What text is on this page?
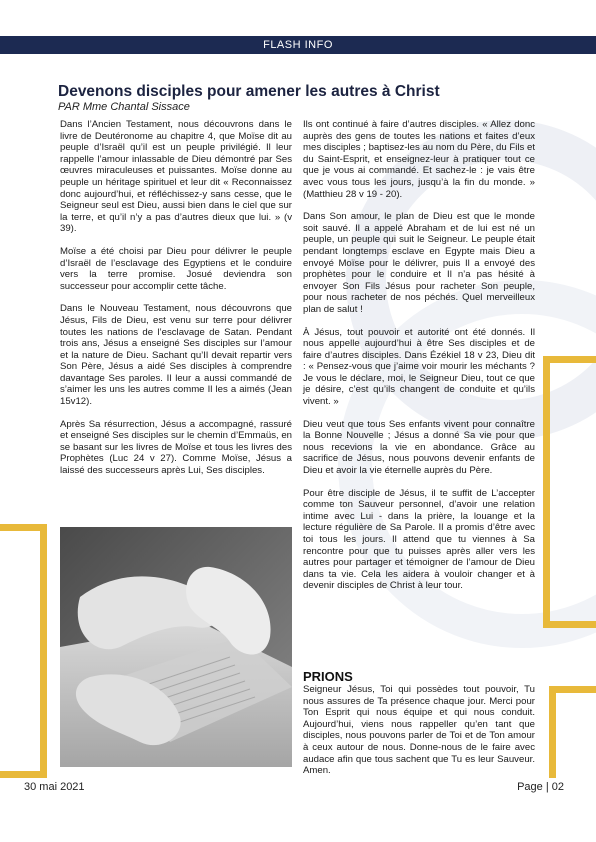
FLASH INFO
Devenons disciples pour amener les autres à Christ
PAR Mme Chantal Sissace

Dans l’Ancien Testament, nous découvrons dans le livre de Deutéronome au chapitre 4, que Moïse dit au peuple d’Israël qu’il est un peuple privilégié. Il leur rappelle l’amour inlassable de Dieu démontré par Ses œuvres miraculeuses et puissantes. Moïse donne au peuple un héritage spirituel et leur dit « Reconnaissez donc aujourd’hui, et réfléchissez-y sans cesse, que le Seigneur seul est Dieu, aussi bien dans le ciel que sur la terre, et qu’il n’y a pas d’autres dieux que lui. » (v 39).

Moïse a été choisi par Dieu pour délivrer le peuple d’Israël de l’esclavage des Egyptiens et le conduire vers la terre promise. Josué deviendra son successeur pour accomplir cette tâche.

Dans le Nouveau Testament, nous découvrons que Jésus, Fils de Dieu, est venu sur terre pour délivrer toutes les nations de l’esclavage de Satan. Pendant trois ans, Jésus a enseigné Ses disciples sur l’amour et la nature de Dieu. Sachant qu’Il devait repartir vers Son Père, Jésus a aidé Ses disciples à comprendre davantage Ses paroles. Il leur a aussi commandé de s’aimer les uns les autres comme Il les a aimés (Jean 15v12).

Après Sa résurrection, Jésus a accompagné, rassuré et enseigné Ses disciples sur le chemin d’Emmaüs, en se basant sur les livres de Moïse et tous les livres des Prophètes (Luc 24 v 27). Comme Moïse, Jésus a laissé des successeurs après Lui, Ses disciples.

Ils ont continué à faire d’autres disciples. « Allez donc auprès des gens de toutes les nations et faites d’eux mes disciples ; baptisez-les au nom du Père, du Fils et du Saint-Esprit, et enseignez-leur à pratiquer tout ce que je vous ai commandé. Et sachez-le : je vais être avec vous tous les jours, jusqu’à la fin du monde. » (Matthieu 28 v 19 - 20).

Dans Son amour, le plan de Dieu est que le monde soit sauvé. Il a appelé Abraham et de lui est né un peuple, un peuple qui suit le Seigneur. Le peuple était pendant longtemps esclave en Egypte mais Dieu a envoyé Moïse pour le délivrer, puis Il a envoyé des prophètes pour le conduire et Il n’a pas hésité à envoyer Son Fils Jésus pour racheter Son peuple, pour nous racheter de nos péchés. Quel merveilleux plan de salut !

À Jésus, tout pouvoir et autorité ont été donnés. Il nous appelle aujourd’hui à être Ses disciples et de faire d’autres disciples. Dans Ézékiel 18 v 23, Dieu dit : « Pensez-vous que j’aime voir mourir les méchants ? Je vous le déclare, moi, le Seigneur Dieu, tout ce que je désire, c’est qu’ils changent de conduite et qu’ils vivent. »

Dieu veut que tous Ses enfants vivent pour connaître la Bonne Nouvelle ; Jésus a donné Sa vie pour que nous recevions la vie en abondance. Grâce au sacrifice de Jésus, nous pouvons devenir enfants de Dieu et avoir la vie éternelle auprès du Père.

Pour être disciple de Jésus, il te suffit de L’accepter comme ton Sauveur personnel, d’avoir une relation intime avec Lui - dans la prière, la louange et la lecture régulière de Sa Parole. Il a promis d’être avec toi tous les jours. Il attend que tu viennes à Sa rencontre pour que tu puisses après aller vers les autres pour partager et témoigner de l’amour de Dieu dans ta vie. Cela les aidera à vouloir changer et à devenir disciples de Christ à leur tour.

PRIONS
Seigneur Jésus, Toi qui possèdes tout pouvoir, Tu nous assures de Ta présence chaque jour. Merci pour Ton Esprit qui nous équipe et qui nous conduit. Aujourd’hui, viens nous rappeller qu’en tant que disciples, nous pouvons parler de Toi et de Ton amour à ceux autour de nous. Donne-nous de le faire avec audace afin que tous sachent que Tu es leur Sauveur. Amen.
30 mai 2021	Page | 02
